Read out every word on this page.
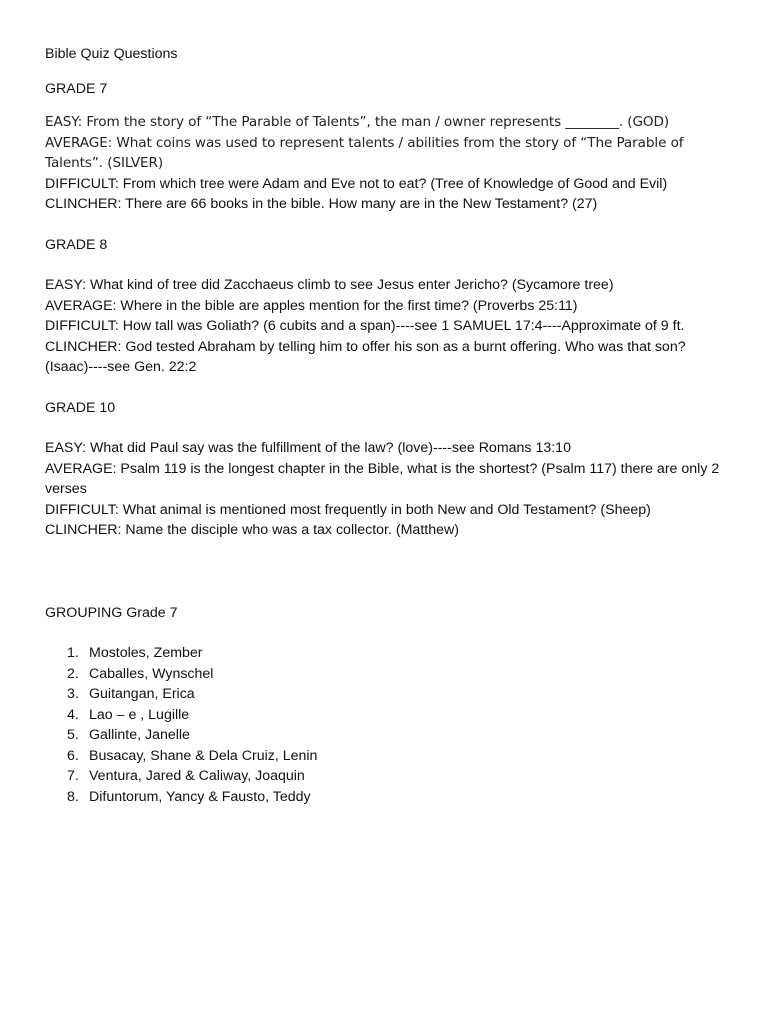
Bible Quiz Questions

GRADE 7

EASY: From the story of “The Parable of Talents”, the man / owner represents ________. (GOD)

AVERAGE: What coins was used to represent talents / abilities from the story of “The Parable of Talents”. (SILVER)

DIFFICULT: From which tree were Adam and Eve not to eat? (Tree of Knowledge of Good and Evil)

CLINCHER: There are 66 books in the bible. How many are in the New Testament? (27)

GRADE 8

EASY: What kind of tree did Zacchaeus climb to see Jesus enter Jericho? (Sycamore tree)

AVERAGE: Where in the bible are apples mention for the first time? (Proverbs 25:11)

DIFFICULT: How tall was Goliath? (6 cubits and a span)----see 1 SAMUEL 17:4----Approximate of 9 ft.

CLINCHER: God tested Abraham by telling him to offer his son as a burnt offering. Who was that son? (Isaac)----see Gen. 22:2

GRADE 10

EASY: What did Paul say was the fulfillment of the law? (love)----see Romans 13:10

AVERAGE: Psalm 119 is the longest chapter in the Bible, what is the shortest? (Psalm 117) there are only 2 verses

DIFFICULT: What animal is mentioned most frequently in both New and Old Testament? (Sheep)

CLINCHER: Name the disciple who was a tax collector. (Matthew)

GROUPING Grade 7

1. Mostoles, Zember
2. Caballes, Wynschel
3. Guitangan, Erica
4. Lao – e , Lugille
5. Gallinte, Janelle
6. Busacay, Shane & Dela Cruiz, Lenin
7. Ventura, Jared & Caliway, Joaquin
8. Difuntorum, Yancy & Fausto, Teddy
